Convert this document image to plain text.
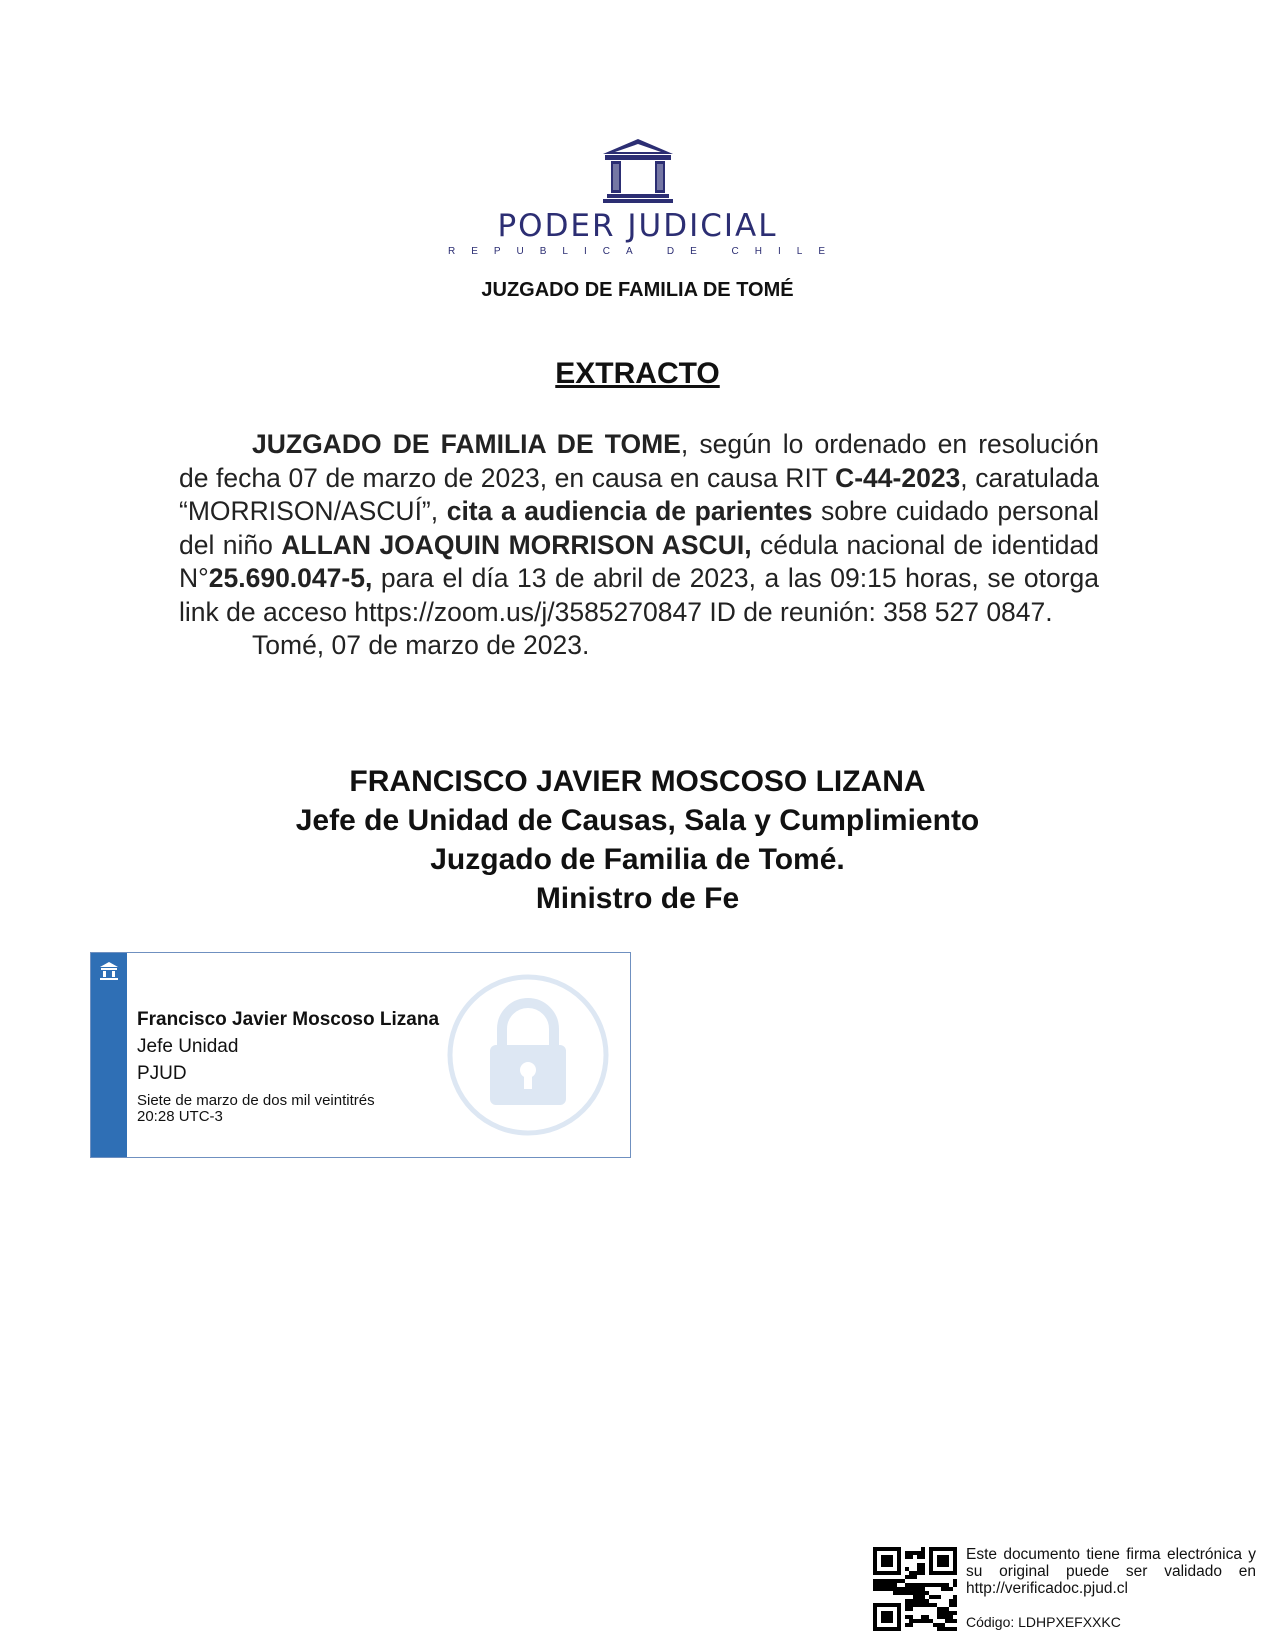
PODER JUDICIAL
REPUBLICA DE CHILE
JUZGADO DE FAMILIA DE TOMÉ
EXTRACTO

JUZGADO DE FAMILIA DE TOME, según lo ordenado en resolución de fecha 07 de marzo de 2023, en causa en causa RIT C-44-2023, caratulada “MORRISON/ASCUÍ”, cita a audiencia de parientes sobre cuidado personal del niño ALLAN JOAQUIN MORRISON ASCUI, cédula nacional de identidad N°25.690.047-5, para el día 13 de abril de 2023, a las 09:15 horas, se otorga link de acceso https://zoom.us/j/3585270847 ID de reunión: 358 527 0847.

Tomé, 07 de marzo de 2023.

FRANCISCO JAVIER MOSCOSO LIZANA
Jefe de Unidad de Causas, Sala y Cumplimiento
Juzgado de Familia de Tomé.
Ministro de Fe
Francisco Javier Moscoso Lizana
Jefe Unidad
PJUD
Siete de marzo de dos mil veintitrés
20:28 UTC-3
Este documento tiene firma electrónica y su original puede ser validado en http://verificadoc.pjud.cl
Código: LDHPXEFXXKC
